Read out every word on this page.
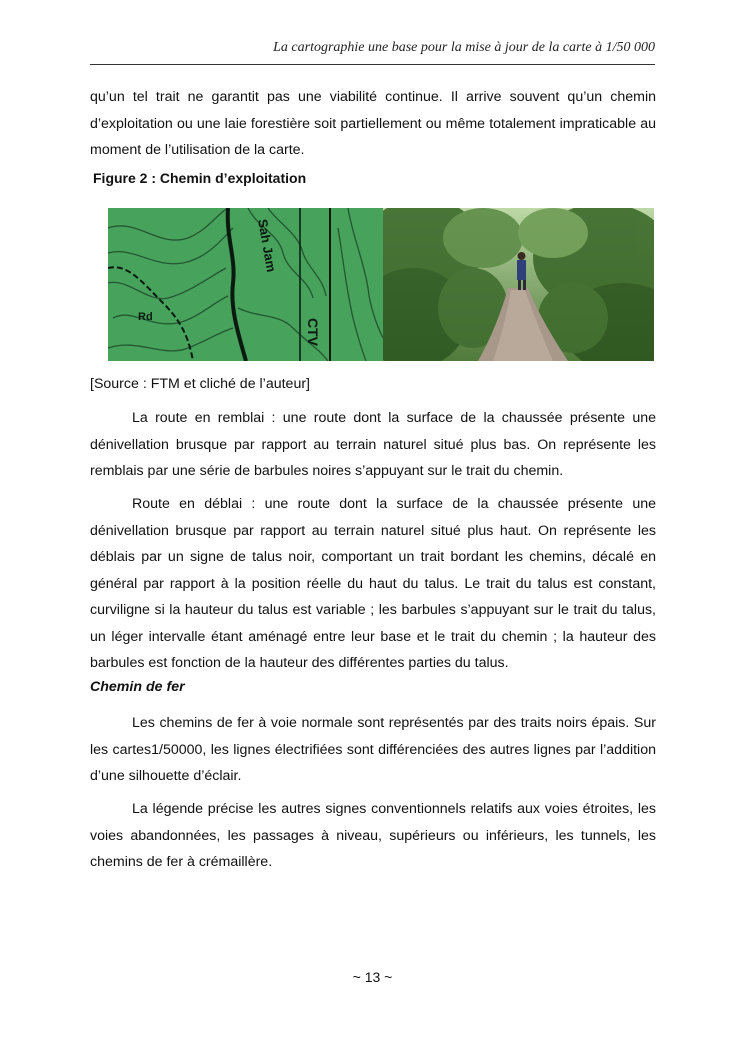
La cartographie une base pour la mise à jour de la carte à 1/50 000

qu’un tel trait ne garantit pas une viabilité continue. Il arrive souvent qu’un chemin d’exploitation ou une laie forestière soit partiellement ou même totalement impraticable au moment de l’utilisation de la carte.

Figure 2 : Chemin d’exploitation
Sah Jam
Rd
CTV
[Source : FTM et cliché de l’auteur]

La route en remblai : une route dont la surface de la chaussée présente une dénivellation brusque par rapport au terrain naturel situé plus bas. On représente les remblais par une série de barbules noires s’appuyant sur le trait du chemin.

Route en déblai : une route dont la surface de la chaussée présente une dénivellation brusque par rapport au terrain naturel situé plus haut. On représente les déblais par un signe de talus noir, comportant un trait bordant les chemins, décalé en général par rapport à la position réelle du haut du talus. Le trait du talus est constant, curviligne si la hauteur du talus est variable ; les barbules s’appuyant sur le trait du talus, un léger intervalle étant aménagé entre leur base et le trait du chemin ; la hauteur des barbules est fonction de la hauteur des différentes parties du talus.

Chemin de fer

Les chemins de fer à voie normale sont représentés par des traits noirs épais. Sur les cartes1/50000, les lignes électrifiées sont différenciées des autres lignes par l’addition d’une silhouette d’éclair.

La légende précise les autres signes conventionnels relatifs aux voies étroites, les voies abandonnées, les passages à niveau, supérieurs ou inférieurs, les tunnels, les chemins de fer à crémaillère.

~ 13 ~
